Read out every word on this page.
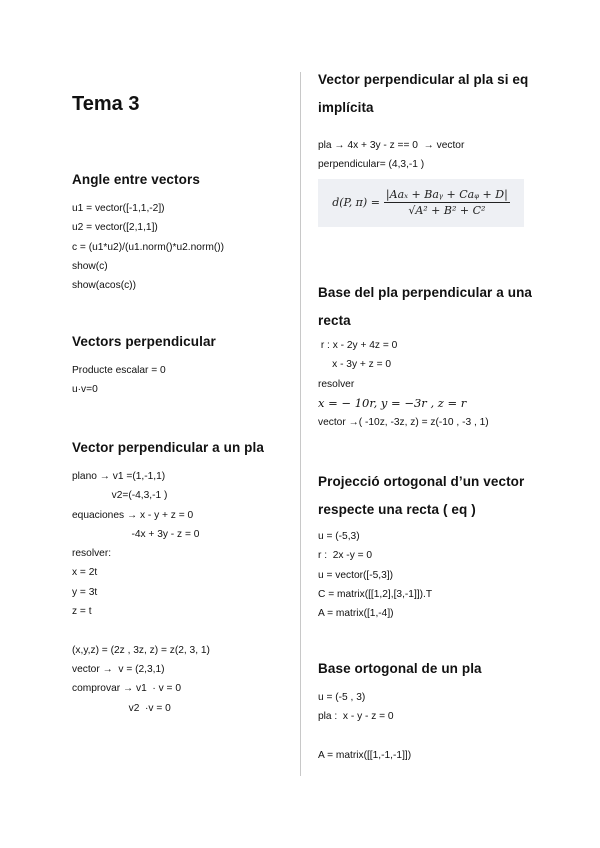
Tema 3
Angle entre vectors
u1 = vector([-1,1,-2])
u2 = vector([2,1,1])
c = (u1*u2)/(u1.norm()*u2.norm())
show(c)
show(acos(c))
Vectors perpendicular
Producte escalar = 0
u·v=0
Vector perpendicular a un pla
plano → v1 =(1,-1,1)
v2=(-4,3,-1 )
equaciones → x - y + z = 0
-4x + 3y - z = 0
resolver:
x = 2t
y = 3t
z = t

(x,y,z) = (2z , 3z, z) = z(2, 3, 1)
vector →  v = (2,3,1)
comprovar → v1  · v = 0
v2  ·v = 0
Vector perpendicular al pla si eq implícita
pla → 4x + 3y - z == 0  → vector
perpendicular= (4,3,-1 )
d(P, $\pi) = \frac{\text{|Aaₓ + Baᵧ + Caᵩ + D|}}{\text{√A² + B² + C²}}$
Base del pla perpendicular a una recta
r : x - 2y + 4z = 0
x - 3y + z = 0
resolver
x = − 10r, y = −3r , z = r
vector →( -10z, -3z, z) = z(-10 , -3 , 1)
Projecció ortogonal d’un vector respecte una recta ( eq )
u = (-5,3)
r :  2x -y = 0
u = vector([-5,3])
C = matrix([[1,2],[3,-1]]).T
A = matrix([1,-4])
Base ortogonal de un pla
u = (-5 , 3)
pla :  x - y - z = 0

A = matrix([[1,-1,-1]])
